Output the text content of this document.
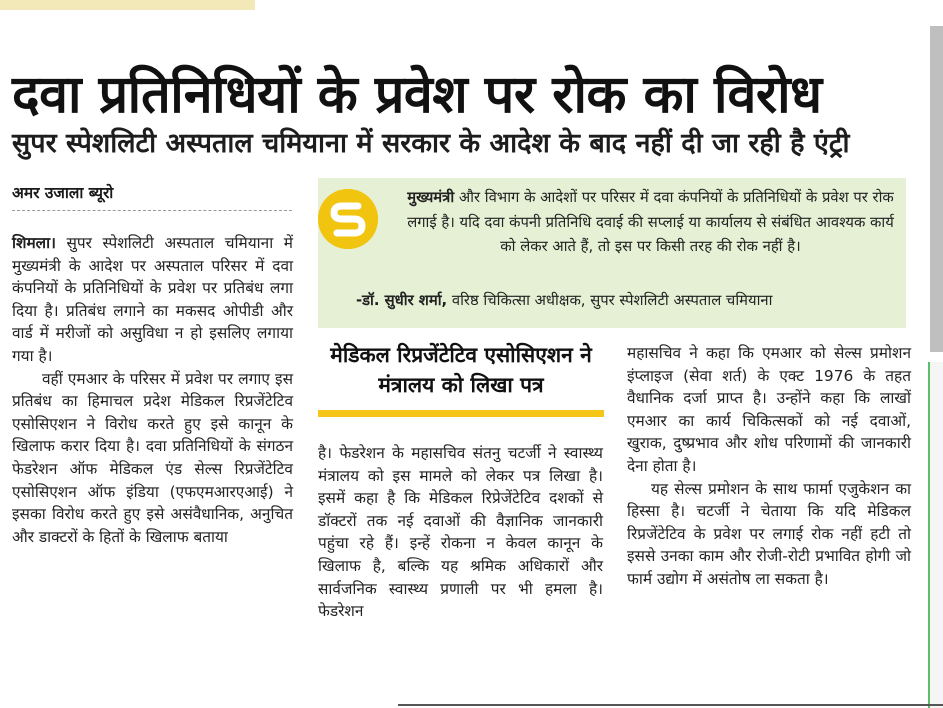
दवा प्रतिनिधियों के प्रवेश पर रोक का विरोध
सुपर स्पेशलिटी अस्पताल चमियाना में सरकार के आदेश के बाद नहीं दी जा रही है एंट्री
अमर उजाला ब्यूरो

शिमला। सुपर स्पेशलिटी अस्पताल चमियाना में मुख्यमंत्री के आदेश पर अस्पताल परिसर में दवा कंपनियों के प्रतिनिधियों के प्रवेश पर प्रतिबंध लगा दिया है। प्रतिबंध लगाने का मकसद ओपीडी और वार्ड में मरीजों को असुविधा न हो इसलिए लगाया गया है।

वहीं एमआर के परिसर में प्रवेश पर लगाए इस प्रतिबंध का हिमाचल प्रदेश मेडिकल रिप्रजेंटेटिव एसोसिएशन ने विरोध करते हुए इसे कानून के खिलाफ करार दिया है। दवा प्रतिनिधियों के संगठन फेडरेशन ऑफ मेडिकल एंड सेल्स रिप्रजेंटेटिव एसोसिएशन ऑफ इंडिया (एफएमआरएआई) ने इसका विरोध करते हुए इसे असंवैधानिक, अनुचित और डाक्टरों के हितों के खिलाफ बताया

मुख्यमंत्री और विभाग के आदेशों पर परिसर में दवा कंपनियों के प्रतिनिधियों के प्रवेश पर रोक लगाई है। यदि दवा कंपनी प्रतिनिधि दवाई की सप्लाई या कार्यालय से संबंधित आवश्यक कार्य को लेकर आते हैं, तो इस पर किसी तरह की रोक नहीं है।
-डॉ. सुधीर शर्मा, वरिष्ठ चिकित्सा अधीक्षक, सुपर स्पेशलिटी अस्पताल चमियाना
मेडिकल रिप्रजेंटेटिव एसोसिएशन ने मंत्रालय को लिखा पत्र

है। फेडरेशन के महासचिव संतनु चटर्जी ने स्वास्थ्य मंत्रालय को इस मामले को लेकर पत्र लिखा है। इसमें कहा है कि मेडिकल रिप्रेजेंटेटिव दशकों से डॉक्टरों तक नई दवाओं की वैज्ञानिक जानकारी पहुंचा रहे हैं। इन्हें रोकना न केवल कानून के खिलाफ है, बल्कि यह श्रमिक अधिकारों और सार्वजनिक स्वास्थ्य प्रणाली पर भी हमला है। फेडरेशन

महासचिव ने कहा कि एमआर को सेल्स प्रमोशन इंप्लाइज (सेवा शर्त) के एक्ट 1976 के तहत वैधानिक दर्जा प्राप्त है। उन्होंने कहा कि लाखों एमआर का कार्य चिकित्सकों को नई दवाओं, खुराक, दुष्प्रभाव और शोध परिणामों की जानकारी देना होता है।

यह सेल्स प्रमोशन के साथ फार्मा एजुकेशन का हिस्सा है। चटर्जी ने चेताया कि यदि मेडिकल रिप्रजेंटेटिव के प्रवेश पर लगाई रोक नहीं हटी तो इससे उनका काम और रोजी-रोटी प्रभावित होगी जो फार्म उद्योग में असंतोष ला सकता है।
